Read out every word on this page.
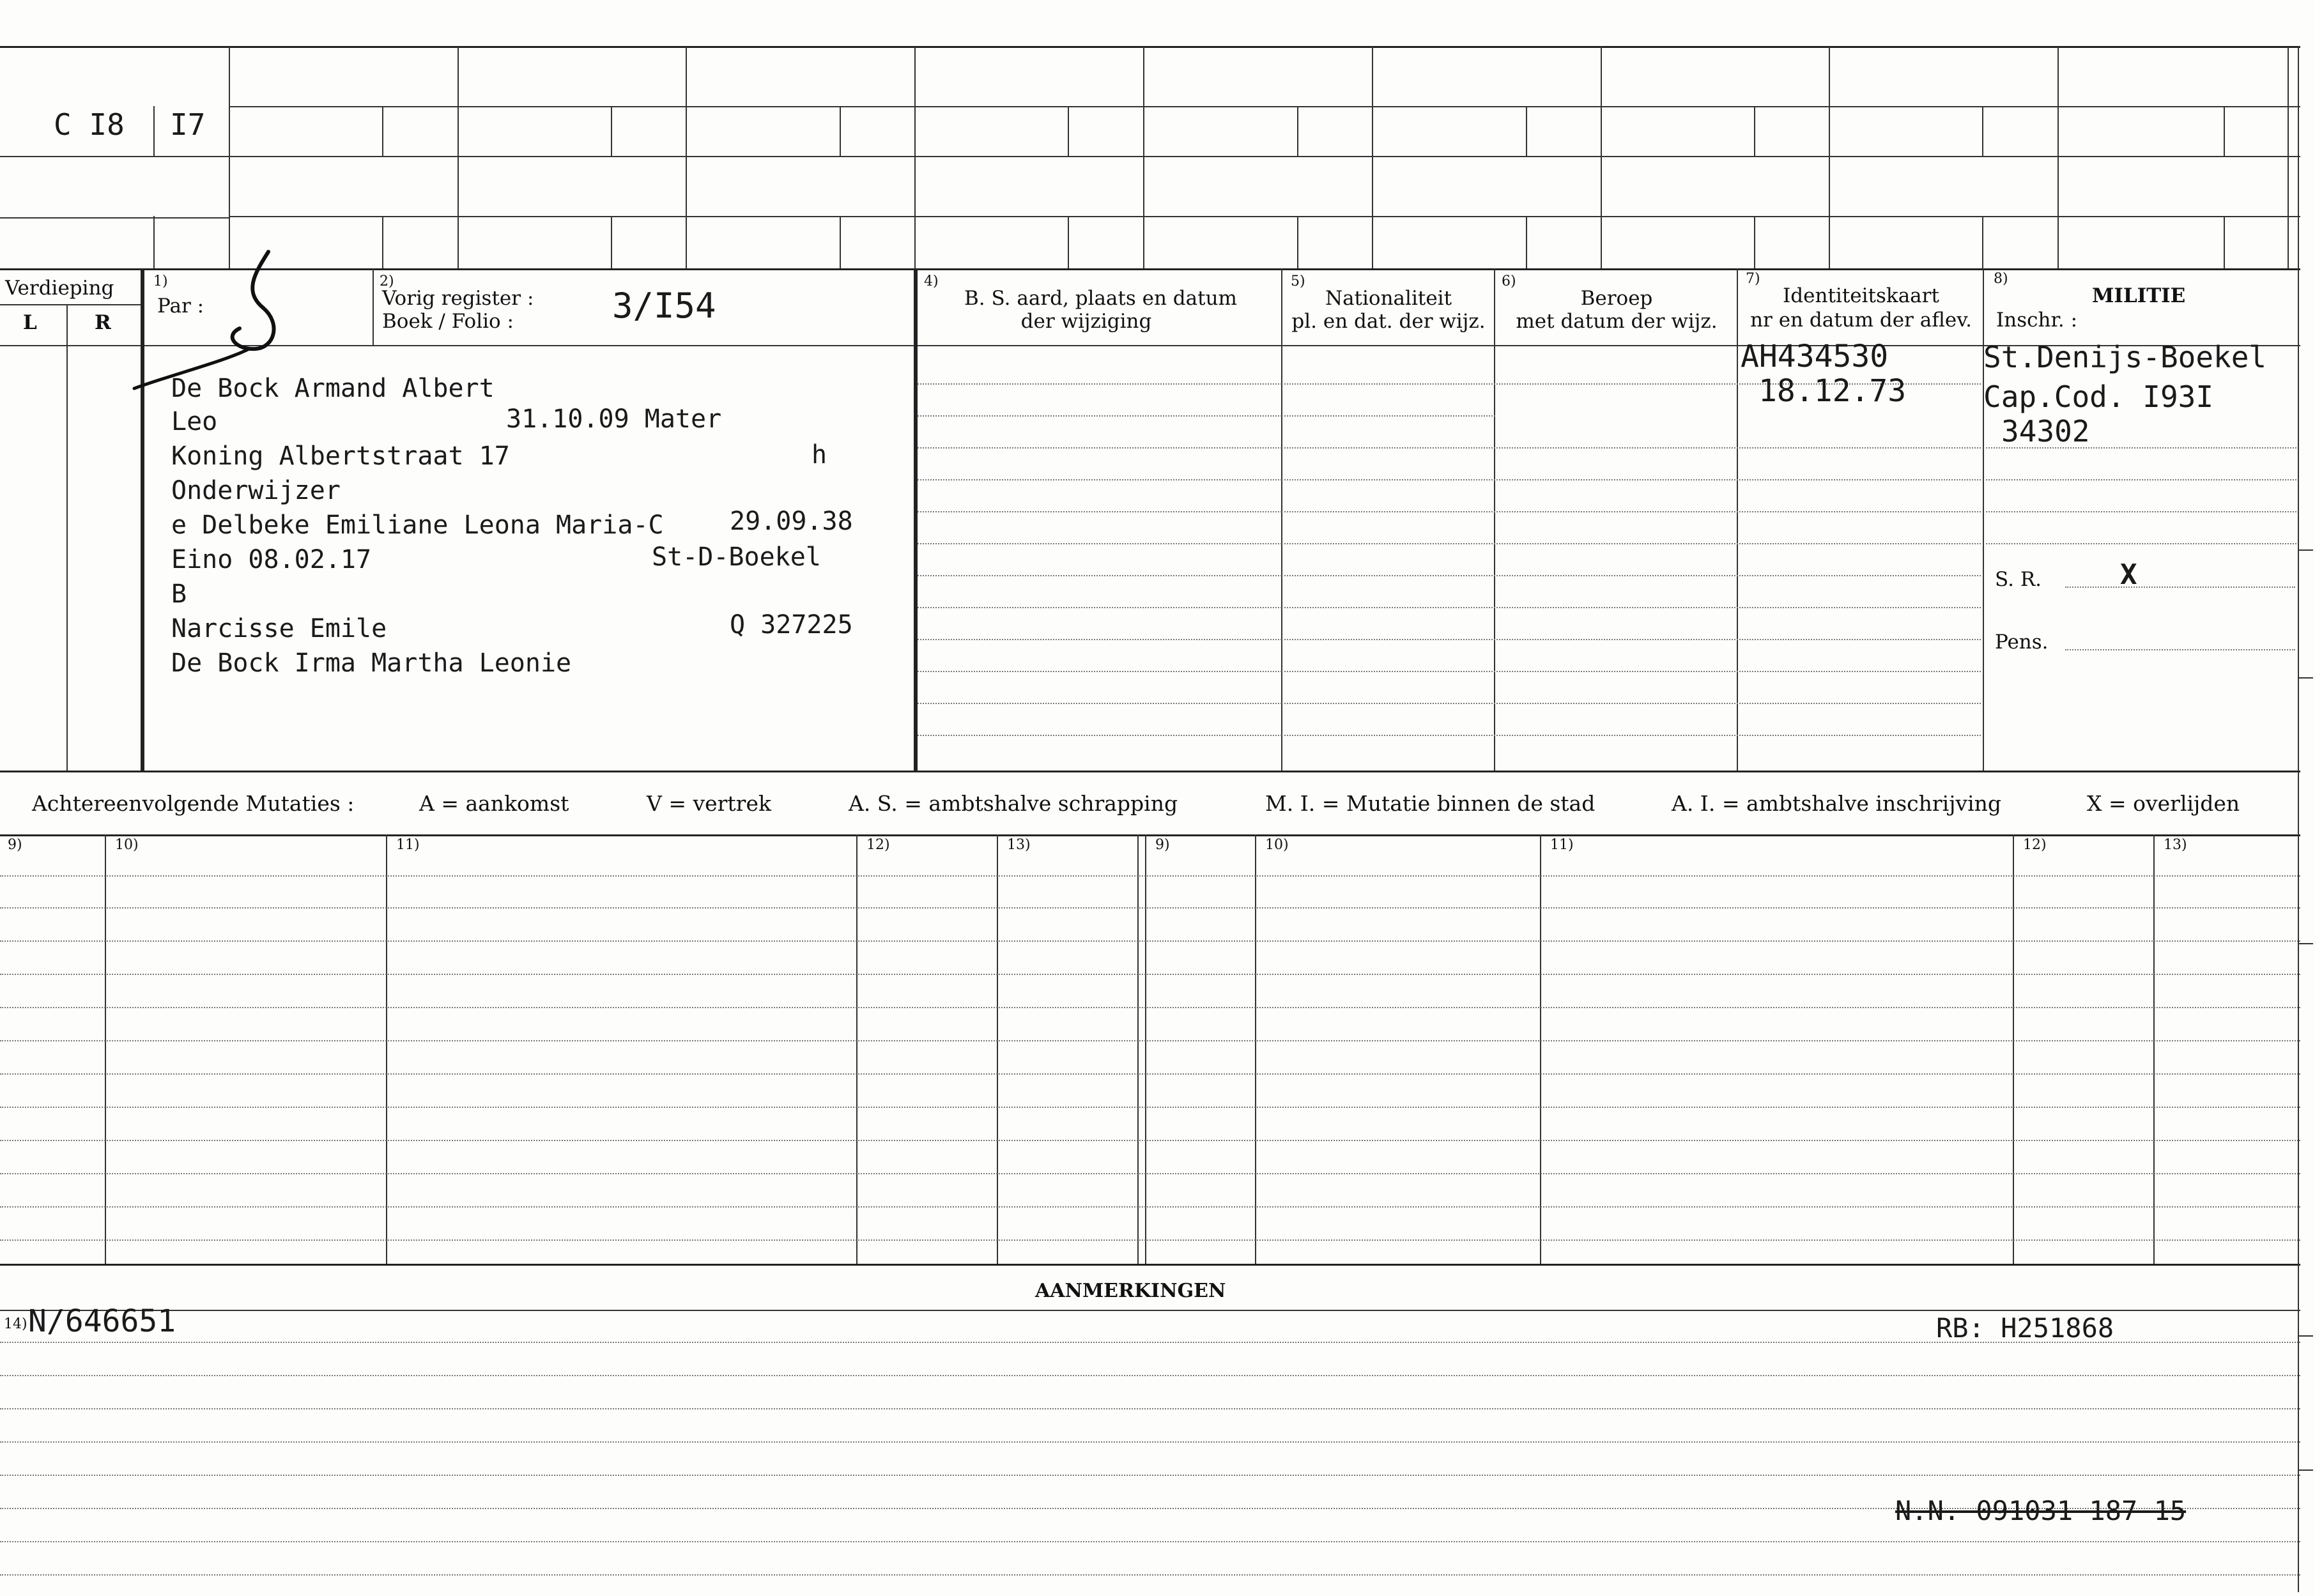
C I8 I7
Verdieping
L	R
1)
Par :
2)
Vorig register :
Boek / Folio :	3/I54
4)
B. S. aard, plaats en datum
der wijziging
5)
Nationaliteit
pl. en dat. der wijz.
6)
Beroep
met datum der wijz.
7)
Identiteitskaart
nr en datum der aflev.
8)
MILITIE
Inschr. :
De Bock Armand Albert
Leo	31.10.09 Mater
Koning Albertstraat 17	h
Onderwijzer
e Delbeke Emiliane Leona Maria-C	29.09.38
Eino 08.02.17	St-D-Boekel
B
Narcisse Emile	Q 327225
De Bock Irma Martha Leonie
AH434530
18.12.73
St.Denijs-Boekel
Cap.Cod. I93I
34302
S. R.	X
Pens.
Achtereenvolgende Mutaties :	A = aankomst	V = vertrek	A. S. = ambtshalve schrapping	M. I. = Mutatie binnen de stad	A. I. = ambtshalve inschrijving	X = overlijden
9)	10)	11)	12)	13)	9)	10)	11)	12)	13)
AANMERKINGEN
14) N/646651	RB: H251868
N.N. 091031 187 15
